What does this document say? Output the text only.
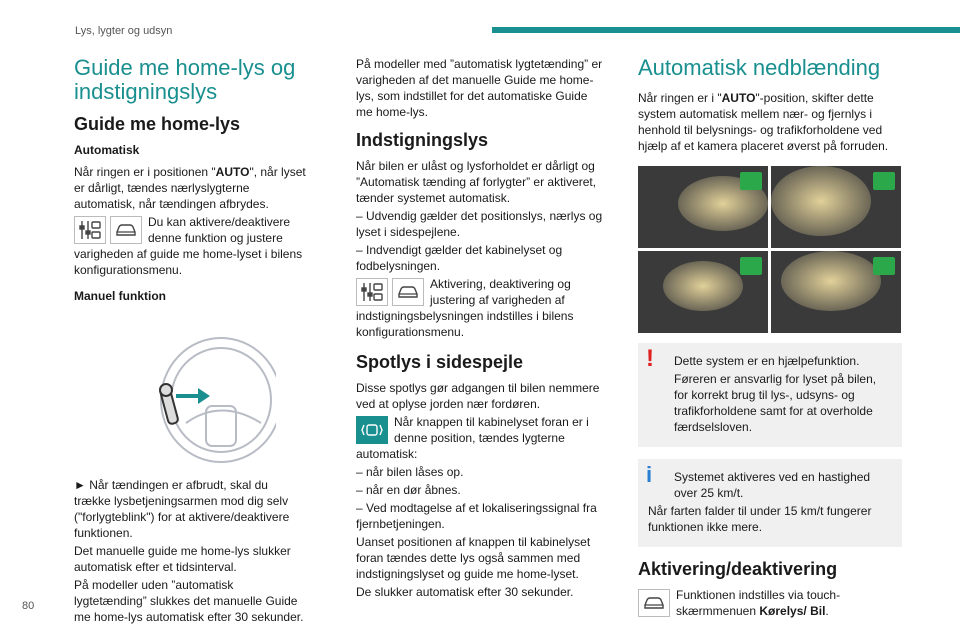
Lys, lygter og udsyn
80
Guide me home-lys og indstigningslys
Guide me home-lys
Automatisk

Når ringen er i positionen "AUTO", når lyset er dårligt, tændes nærlyslygterne automatisk, når tændingen afbrydes.

Du kan aktivere/deaktivere denne funktion og justere varigheden af guide me home-lyset i bilens konfigurationsmenu.

Manuel funktion

► Når tændingen er afbrudt, skal du trække lysbetjeningsarmen mod dig selv ("forlygteblink") for at aktivere/deaktivere funktionen.

Det manuelle guide me home-lys slukker automatisk efter et tidsinterval.

På modeller uden ”automatisk lygtetænding” slukkes det manuelle Guide me home-lys automatisk efter 30 sekunder.

På modeller med ”automatisk lygtetænding” er varigheden af det manuelle Guide me home-lys, som indstillet for det automatiske Guide me home-lys.

Indstigningslys

Når bilen er ulåst og lysforholdet er dårligt og ”Automatisk tænding af forlygter” er aktiveret, tænder systemet automatisk.

– Udvendig gælder det positionslys, nærlys og lyset i sidespejlene.

– Indvendigt gælder det kabinelyset og fodbelysningen.

Aktivering, deaktivering og justering af varigheden af indstigningsbelysningen indstilles i bilens konfigurationsmenu.

Spotlys i sidespejle

Disse spotlys gør adgangen til bilen nemmere ved at oplyse jorden nær fordøren.

Når knappen til kabinelyset foran er i denne position, tændes lygterne automatisk:

– når bilen låses op.

– når en dør åbnes.

– Ved modtagelse af et lokaliseringssignal fra fjernbetjeningen.

Uanset positionen af knappen til kabinelyset foran tændes dette lys også sammen med indstigningslyset og guide me home-lyset.

De slukker automatisk efter 30 sekunder.

Automatisk nedblænding

Når ringen er i "AUTO"-position, skifter dette system automatisk mellem nær- og fjernlys i henhold til belysnings- og trafikforholdene ved hjælp af et kamera placeret øverst på forruden.

!	Dette system er en hjælpefunktion.

Føreren er ansvarlig for lyset på bilen, for korrekt brug til lys-, udsyns- og trafikforholdene samt for at overholde færdselsloven.

i	Systemet aktiveres ved en hastighed over 25 km/t.

Når farten falder til under 15 km/t fungerer funktionen ikke mere.

Aktivering/deaktivering

Funktionen indstilles via touch-skærmmenuen Kørelys/ Bil.
